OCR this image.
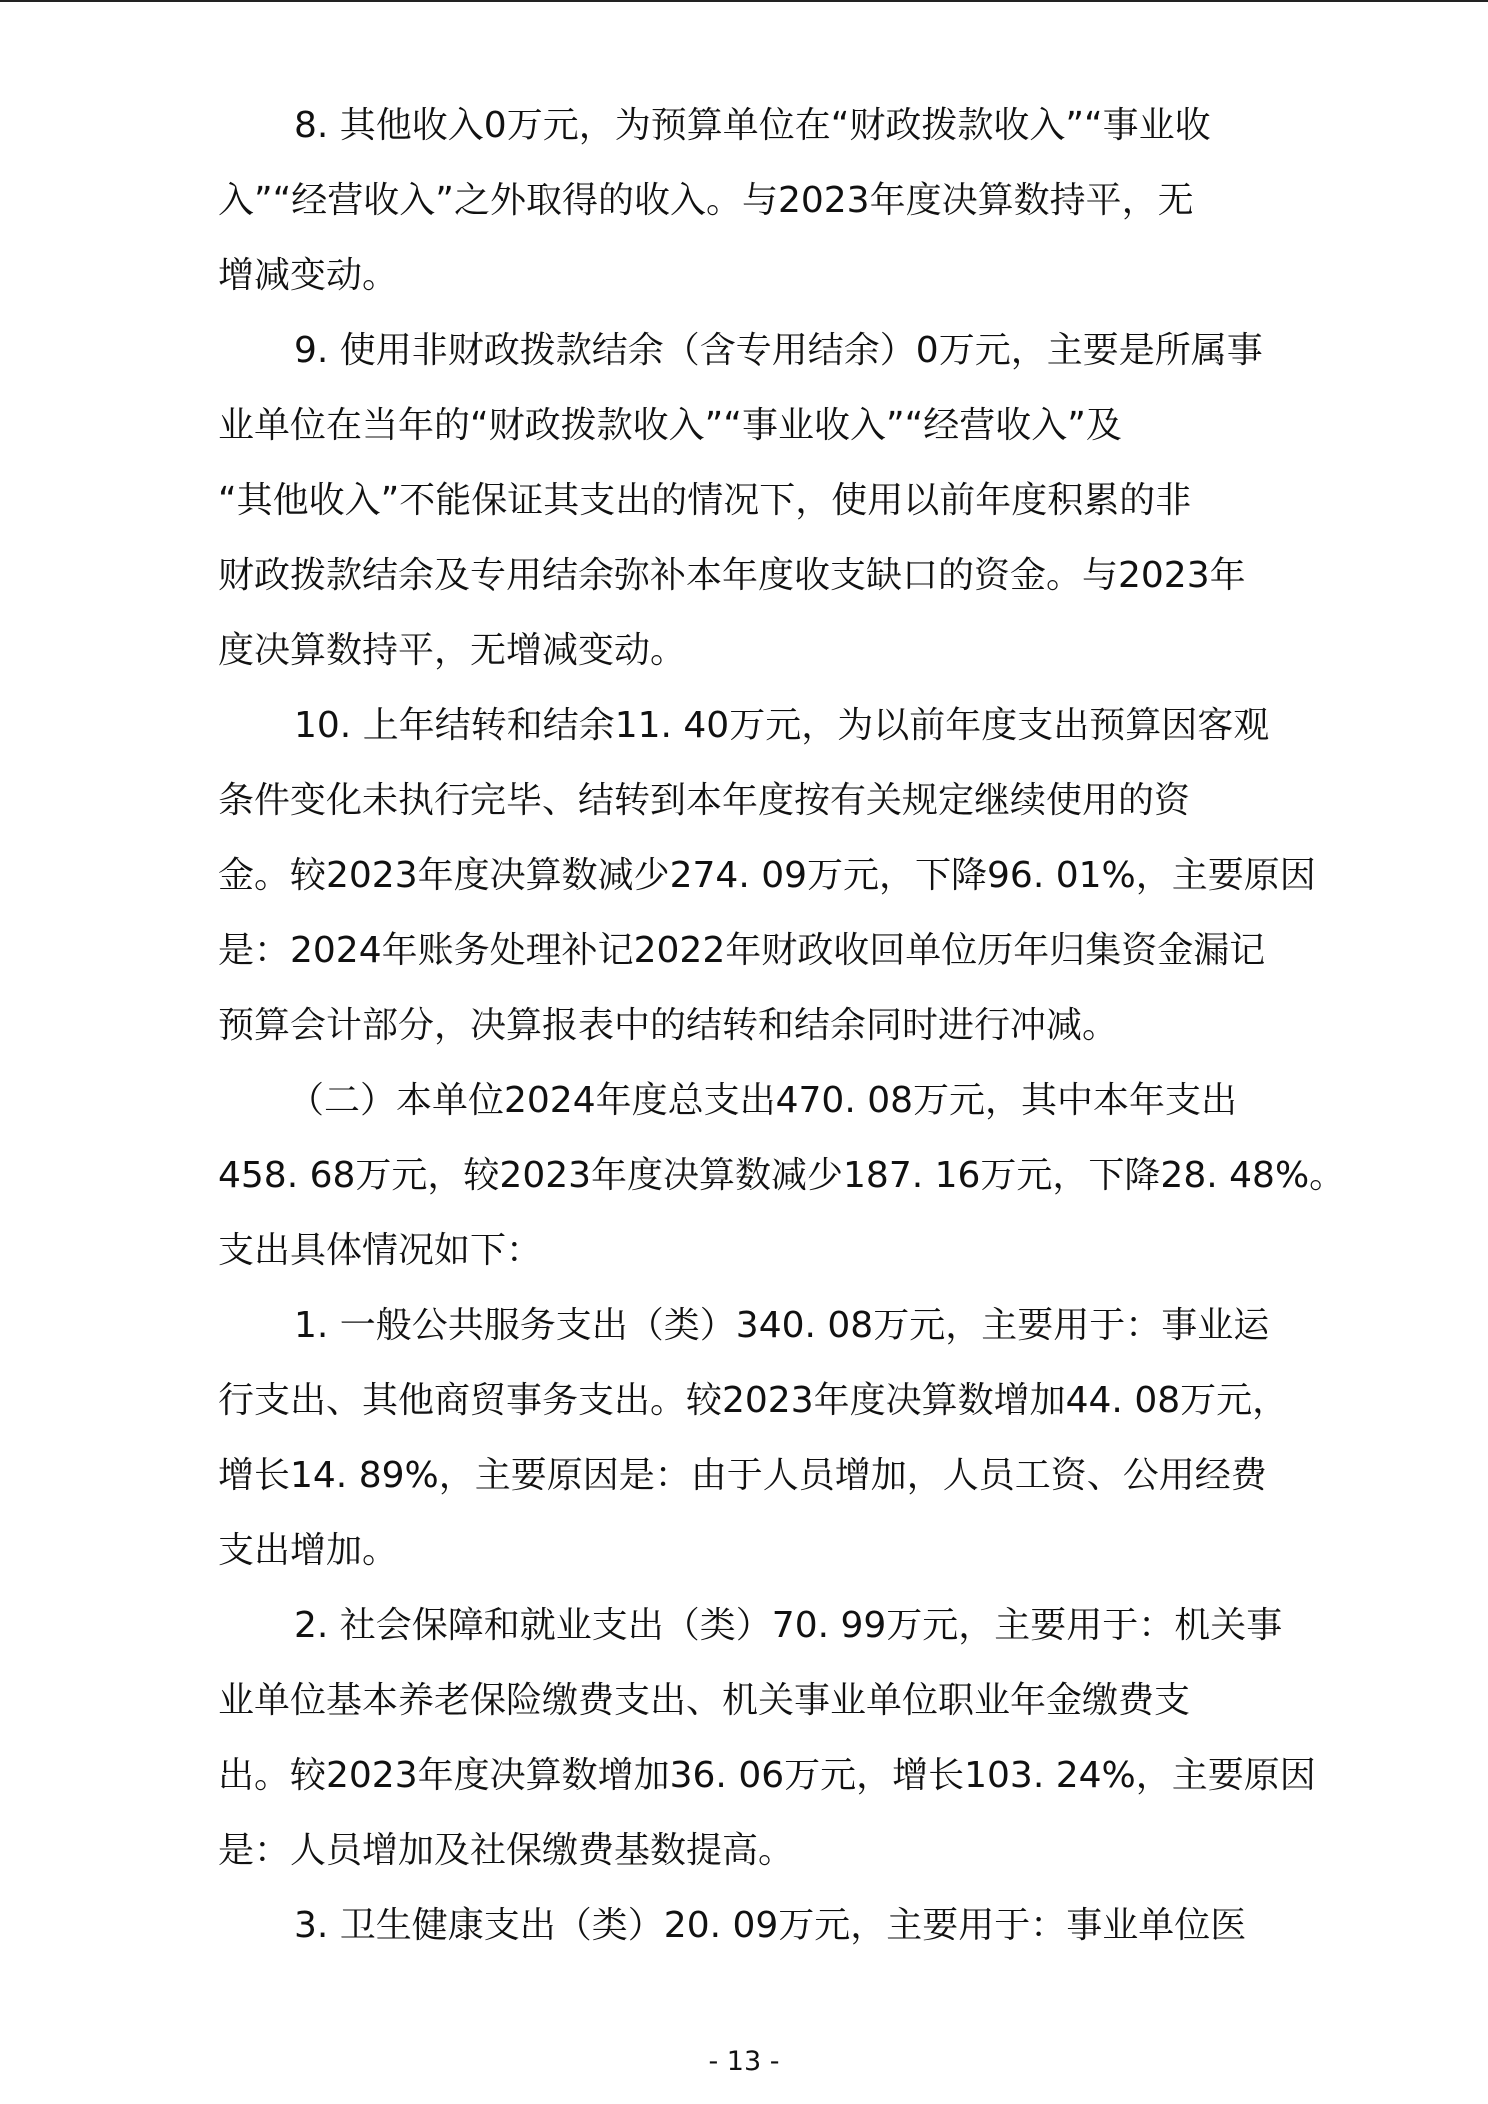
8. 其他收入0万元，为预算单位在“财政拨款收入”“事业收
入”“经营收入”之外取得的收入。与2023年度决算数持平，无
增减变动。

9. 使用非财政拨款结余（含专用结余）0万元，主要是所属事
业单位在当年的“财政拨款收入”“事业收入”“经营收入”及
“其他收入”不能保证其支出的情况下，使用以前年度积累的非
财政拨款结余及专用结余弥补本年度收支缺口的资金。与2023年
度决算数持平，无增减变动。

10. 上年结转和结余11. 40万元，为以前年度支出预算因客观
条件变化未执行完毕、结转到本年度按有关规定继续使用的资
金。较2023年度决算数减少274. 09万元，下降96. 01%，主要原因
是：2024年账务处理补记2022年财政收回单位历年归集资金漏记
预算会计部分，决算报表中的结转和结余同时进行冲减。

（二）本单位2024年度总支出470. 08万元，其中本年支出
458. 68万元，较2023年度决算数减少187. 16万元，下降28. 48%。
支出具体情况如下：

1. 一般公共服务支出（类）340. 08万元，主要用于：事业运
行支出、其他商贸事务支出。较2023年度决算数增加44. 08万元，
增长14. 89%，主要原因是：由于人员增加，人员工资、公用经费
支出增加。

2. 社会保障和就业支出（类）70. 99万元，主要用于：机关事
业单位基本养老保险缴费支出、机关事业单位职业年金缴费支
出。较2023年度决算数增加36. 06万元，增长103. 24%，主要原因
是：人员增加及社保缴费基数提高。

3. 卫生健康支出（类）20. 09万元，主要用于：事业单位医

- 13 -
